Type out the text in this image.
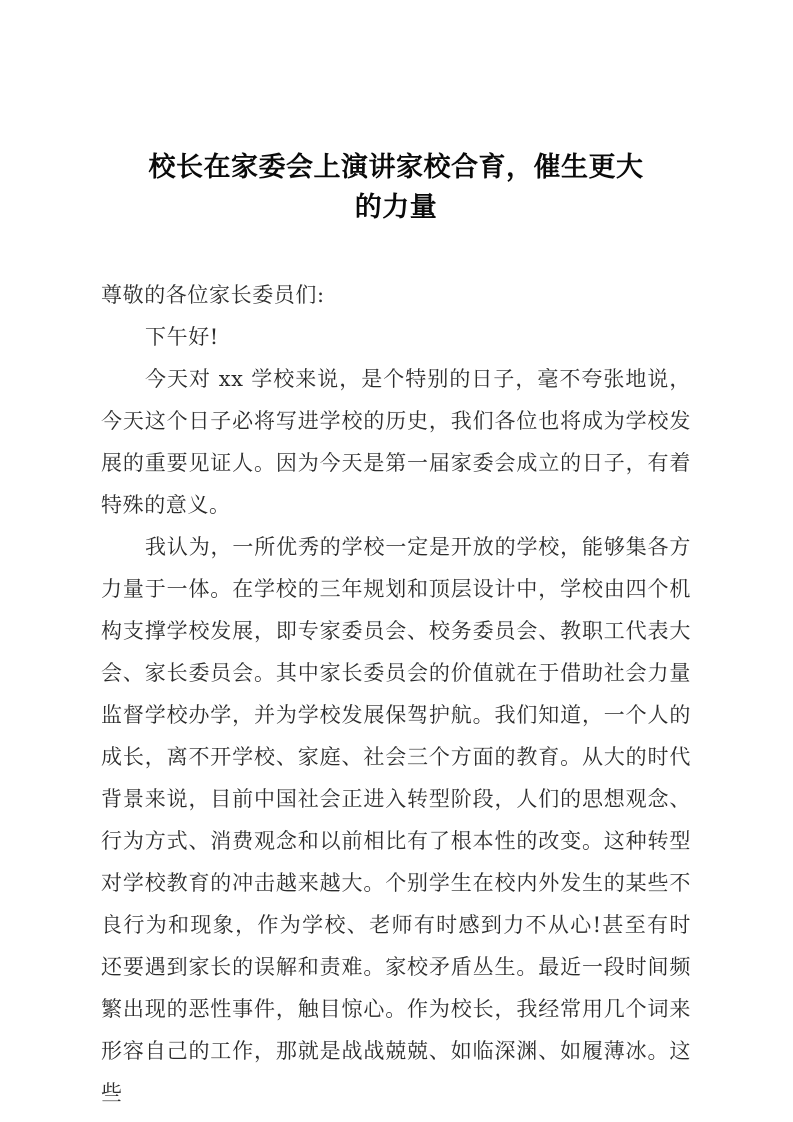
校长在家委会上演讲家校合育，催生更大
的力量

尊敬的各位家长委员们:

下午好!

今天对 xx 学校来说，是个特别的日子，毫不夸张地说，今天这个日子必将写进学校的历史，我们各位也将成为学校发展的重要见证人。因为今天是第一届家委会成立的日子，有着特殊的意义。

我认为，一所优秀的学校一定是开放的学校，能够集各方力量于一体。在学校的三年规划和顶层设计中，学校由四个机构支撑学校发展，即专家委员会、校务委员会、教职工代表大会、家长委员会。其中家长委员会的价值就在于借助社会力量监督学校办学，并为学校发展保驾护航。我们知道，一个人的成长，离不开学校、家庭、社会三个方面的教育。从大的时代背景来说，目前中国社会正进入转型阶段，人们的思想观念、行为方式、消费观念和以前相比有了根本性的改变。这种转型对学校教育的冲击越来越大。个别学生在校内外发生的某些不良行为和现象，作为学校、老师有时感到力不从心!甚至有时还要遇到家长的误解和责难。家校矛盾丛生。最近一段时间频繁出现的恶性事件，触目惊心。作为校长，我经常用几个词来形容自己的工作，那就是战战兢兢、如临深渊、如履薄冰。这些
